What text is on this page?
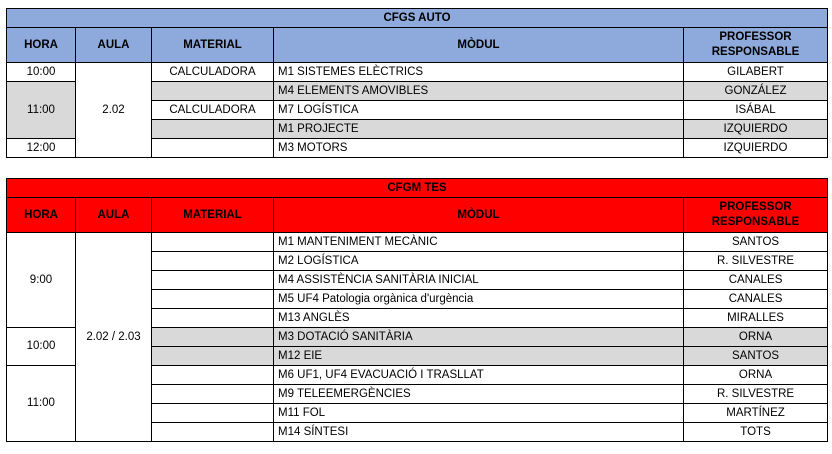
CFGS AUTO				
HORA	AULA	MATERIAL	MÒDUL	PROFESSOR RESPONSABLE
10:00	2.02	CALCULADORA	M1 SISTEMES ELÈCTRICS	GILABERT
11:00			M4 ELEMENTS AMOVIBLES	GONZÁLEZ
		CALCULADORA	M7 LOGÍSTICA	ISÁBAL
			M1 PROJECTE	IZQUIERDO
12:00			M3 MOTORS	IZQUIERDO
CFGM TES				
HORA	AULA	MATERIAL	MÒDUL	PROFESSOR RESPONSABLE
9:00	2.02 / 2.03		M1 MANTENIMENT MECÀNIC	SANTOS
			M2 LOGÍSTICA	R. SILVESTRE
			M4 ASSISTÈNCIA SANITÀRIA INICIAL	CANALES
			M5 UF4 Patologia orgànica d'urgència	CANALES
			M13 ANGLÈS	MIRALLES
10:00			M3 DOTACIÓ SANITÀRIA	ORNA
			M12 EIE	SANTOS
11:00			M6 UF1, UF4 EVACUACIÓ I TRASLLAT	ORNA
			M9 TELEEMERGÈNCIES	R. SILVESTRE
			M11 FOL	MARTÍNEZ
			M14 SÍNTESI	TOTS
